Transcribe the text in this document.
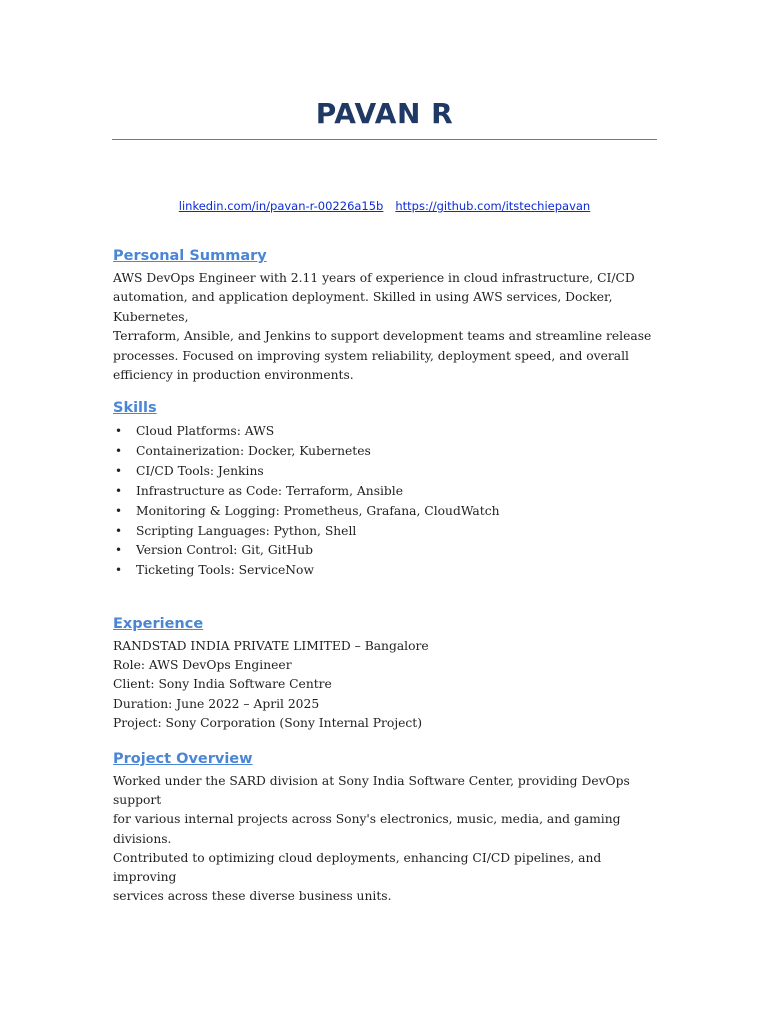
PAVAN R
linkedin.com/in/pavan-r-00226a15b https://github.com/itstechiepavan
Personal Summary

AWS DevOps Engineer with 2.11 years of experience in cloud infrastructure, CI/CD

automation, and application deployment. Skilled in using AWS services, Docker, Kubernetes,

Terraform, Ansible, and Jenkins to support development teams and streamline release

processes. Focused on improving system reliability, deployment speed, and overall

efficiency in production environments.

Skills
• Cloud Platforms: AWS
• Containerization: Docker, Kubernetes
• CI/CD Tools: Jenkins
• Infrastructure as Code: Terraform, Ansible
• Monitoring & Logging: Prometheus, Grafana, CloudWatch
• Scripting Languages: Python, Shell
• Version Control: Git, GitHub
• Ticketing Tools: ServiceNow
Experience

RANDSTAD INDIA PRIVATE LIMITED – Bangalore

Role: AWS DevOps Engineer

Client: Sony India Software Centre

Duration: June 2022 – April 2025

Project: Sony Corporation (Sony Internal Project)

Project Overview

Worked under the SARD division at Sony India Software Center, providing DevOps support

for various internal projects across Sony's electronics, music, media, and gaming divisions.

Contributed to optimizing cloud deployments, enhancing CI/CD pipelines, and improving

services across these diverse business units.
